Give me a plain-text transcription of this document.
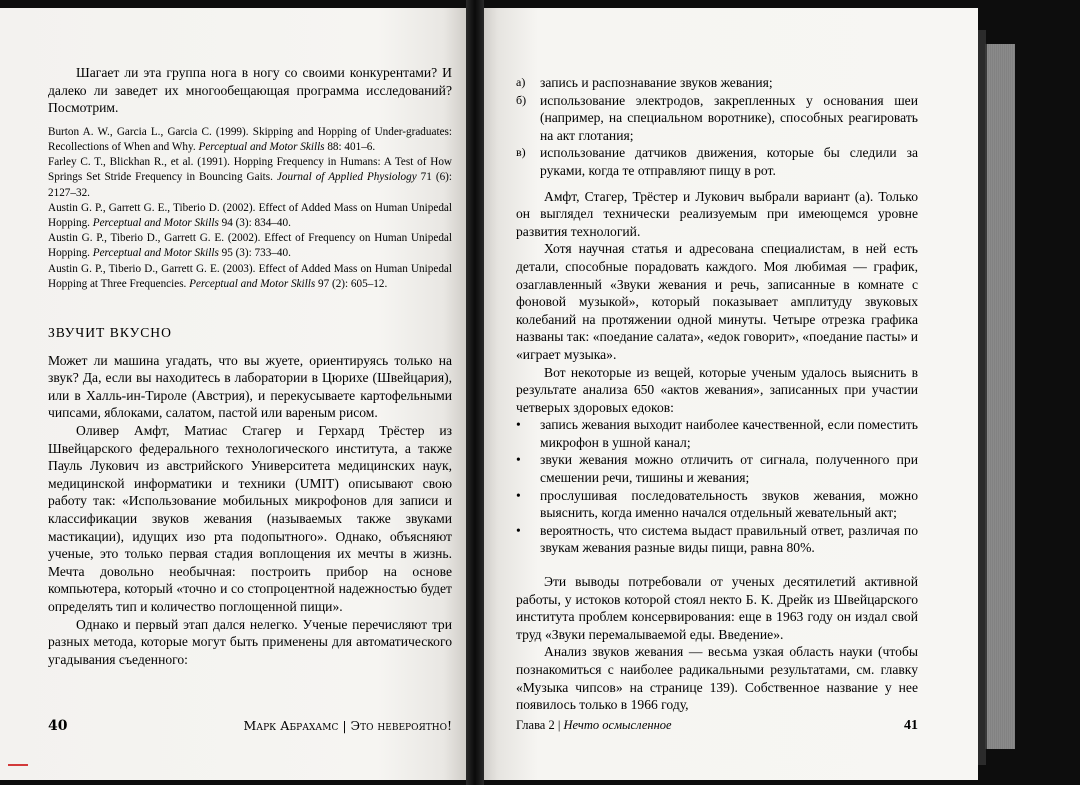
Шагает ли эта группа нога в ногу со своими конкурентами? И далеко ли заведет их многообещающая программа исследований? Посмотрим.

Burton A. W., Garcia L., Garcia C. (1999). Skipping and Hopping of Under-graduates: Recollections of When and Why. Perceptual and Motor Skills 88: 401–6.

Farley C. T., Blickhan R., et al. (1991). Hopping Frequency in Humans: A Test of How Springs Set Stride Frequency in Bouncing Gaits. Journal of Applied Physiology 71 (6): 2127–32.

Austin G. P., Garrett G. E., Tiberio D. (2002). Effect of Added Mass on Human Unipedal Hopping. Perceptual and Motor Skills 94 (3): 834–40.

Austin G. P., Tiberio D., Garrett G. E. (2002). Effect of Frequency on Human Unipedal Hopping. Perceptual and Motor Skills 95 (3): 733–40.

Austin G. P., Tiberio D., Garrett G. E. (2003). Effect of Added Mass on Human Unipedal Hopping at Three Frequencies. Perceptual and Motor Skills 97 (2): 605–12.

ЗВУЧИТ ВКУСНО

Может ли машина угадать, что вы жуете, ориентируясь только на звук? Да, если вы находитесь в лаборатории в Цюрихе (Швейцария), или в Халль-ин-Тироле (Австрия), и перекусываете картофельными чипсами, яблоками, салатом, пастой или вареным рисом.

Оливер Амфт, Матиас Стагер и Герхард Трёстер из Швейцарского федерального технологического института, а также Пауль Лукович из австрийского Университета медицинских наук, медицинской информатики и техники (UMIT) описывают свою работу так: «Использование мобильных микрофонов для записи и классификации звуков жевания (называемых также звуками мастикации), идущих изо рта подопытного». Однако, объясняют ученые, это только первая стадия воплощения их мечты в жизнь. Мечта довольно необычная: построить прибор на основе компьютера, который «точно и со стопроцентной надежностью будет определять тип и количество поглощенной пищи».

Однако и первый этап дался нелегко. Ученые перечисляют три разных метода, которые могут быть применены для автоматического угадывания съеденного:

40	Марк Абрахамс | Это невероятно!
а) запись и распознавание звуков жевания;
б) использование электродов, закрепленных у основания шеи (например, на специальном воротнике), способных реагировать на акт глотания;
в) использование датчиков движения, которые бы следили за руками, когда те отправляют пищу в рот.

Амфт, Стагер, Трёстер и Лукович выбрали вариант (а). Только он выглядел технически реализуемым при имеющемся уровне развития технологий.

Хотя научная статья и адресована специалистам, в ней есть детали, способные порадовать каждого. Моя любимая — график, озаглавленный «Звуки жевания и речь, записанные в комнате с фоновой музыкой», который показывает амплитуду звуковых колебаний на протяжении одной минуты. Четыре отрезка графика названы так: «поедание салата», «едок говорит», «поедание пасты» и «играет музыка».

Вот некоторые из вещей, которые ученым удалось выяснить в результате анализа 650 «актов жевания», записанных при участии четверых здоровых едоков:

• запись жевания выходит наиболее качественной, если поместить микрофон в ушной канал;
• звуки жевания можно отличить от сигнала, полученного при смешении речи, тишины и жевания;
• прослушивая последовательность звуков жевания, можно выяснить, когда именно начался отдельный жевательный акт;
• вероятность, что система выдаст правильный ответ, различая по звукам жевания разные виды пищи, равна 80%.

Эти выводы потребовали от ученых десятилетий активной работы, у истоков которой стоял некто Б. К. Дрейк из Швейцарского института проблем консервирования: еще в 1963 году он издал свой труд «Звуки перемалываемой еды. Введение».

Анализ звуков жевания — весьма узкая область науки (чтобы познакомиться с наиболее радикальными результатами, см. главку «Музыка чипсов» на странице 139). Собственное название у нее появилось только в 1966 году,

Глава 2 | Нечто осмысленное	41
